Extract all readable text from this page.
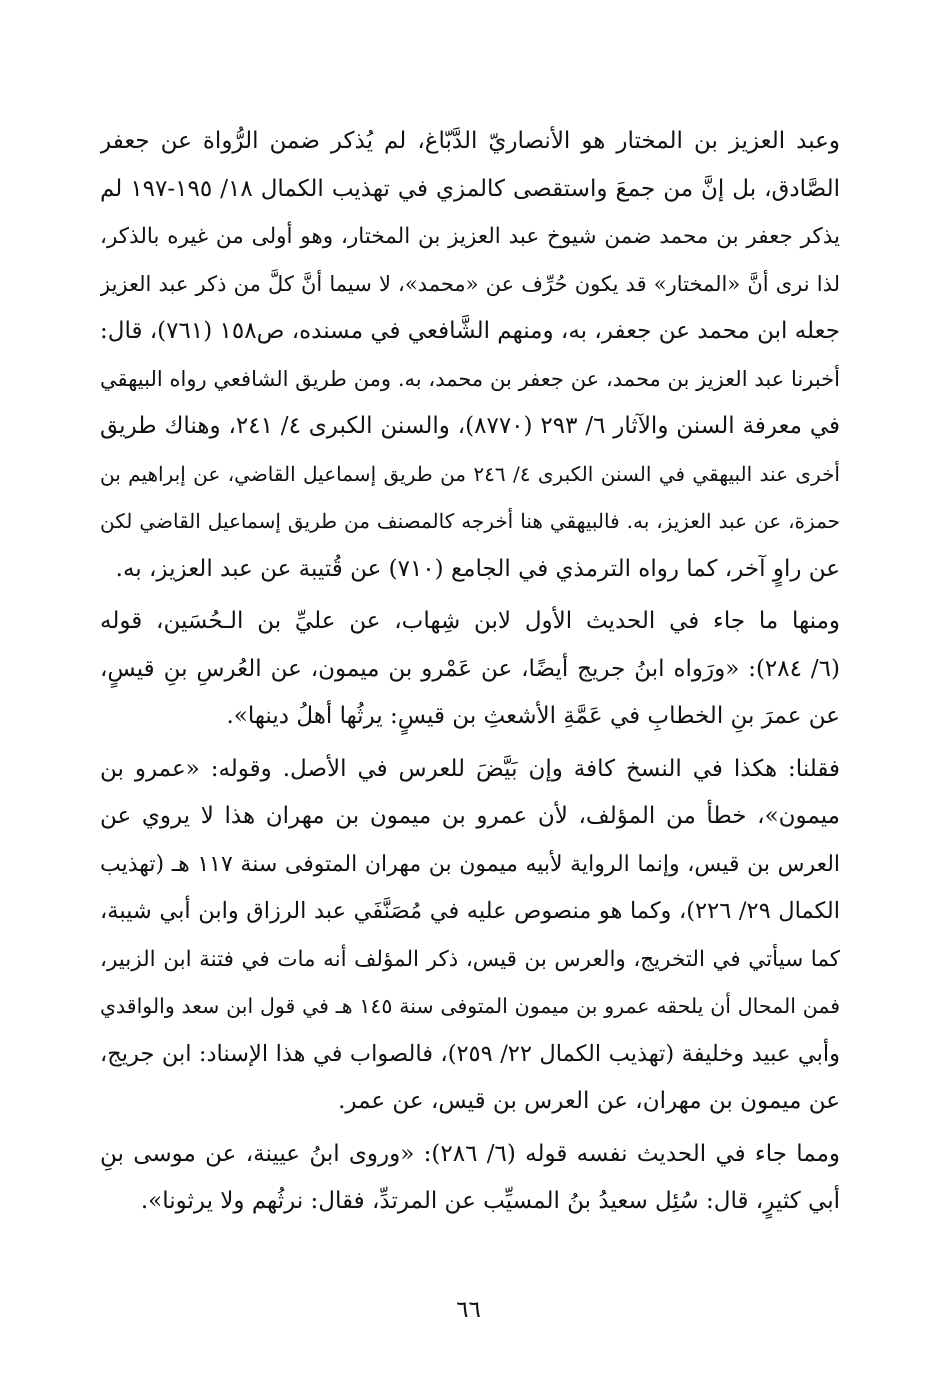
وعبد العزيز بن المختار هو الأنصاريّ الدَّبّاغ، لم يُذكر ضمن الرُّواة عن جعفر
الصَّادق، بل إنَّ من جمعَ واستقصى كالمزي في تهذيب الكمال ١٨/ ١٩٥-١٩٧ لم
يذكر جعفر بن محمد ضمن شيوخ عبد العزيز بن المختار، وهو أولى من غيره بالذكر،
لذا نرى أنَّ «المختار» قد يكون حُرِّف عن «محمد»، لا سيما أنَّ كلَّ من ذكر عبد العزيز
جعله ابن محمد عن جعفر، به، ومنهم الشَّافعي في مسنده، ص١٥٨ (٧٦١)، قال:
أخبرنا عبد العزيز بن محمد، عن جعفر بن محمد، به. ومن طريق الشافعي رواه البيهقي
في معرفة السنن والآثار ٦/ ٢٩٣ (٨٧٧٠)، والسنن الكبرى ٤/ ٢٤١، وهناك طريق
أخرى عند البيهقي في السنن الكبرى ٤/ ٢٤٦ من طريق إسماعيل القاضي، عن إبراهيم بن
حمزة، عن عبد العزيز، به. فالبيهقي هنا أخرجه كالمصنف من طريق إسماعيل القاضي لكن
عن راوٍ آخر، كما رواه الترمذي في الجامع (٧١٠) عن قُتيبة عن عبد العزيز، به.
ومنها ما جاء في الحديث الأول لابن شِهاب، عن عليِّ بن الـحُسَين، قوله
(٦/ ٢٨٤): «ورَواه ابنُ جريج أيضًا، عن عَمْرو بن ميمون، عن العُرسِ بنِ قيسٍ،
عن عمرَ بنِ الخطابِ في عَمَّةِ الأشعثِ بن قيسٍ: يرثُها أهلُ دينها».
فقلنا: هكذا في النسخ كافة وإن بَيَّضَ للعرس في الأصل. وقوله: «عمرو بن
ميمون»، خطأ من المؤلف، لأن عمرو بن ميمون بن مهران هذا لا يروي عن
العرس بن قيس، وإنما الرواية لأبيه ميمون بن مهران المتوفى سنة ١١٧ هـ (تهذيب
الكمال ٢٩/ ٢٢٦)، وكما هو منصوص عليه في مُصَنَّفَي عبد الرزاق وابن أبي شيبة،
كما سيأتي في التخريج، والعرس بن قيس، ذكر المؤلف أنه مات في فتنة ابن الزبير،
فمن المحال أن يلحقه عمرو بن ميمون المتوفى سنة ١٤٥ هـ في قول ابن سعد والواقدي
وأبي عبيد وخليفة (تهذيب الكمال ٢٢/ ٢٥٩)، فالصواب في هذا الإسناد: ابن جريج،
عن ميمون بن مهران، عن العرس بن قيس، عن عمر.
ومما جاء في الحديث نفسه قوله (٦/ ٢٨٦): «وروى ابنُ عيينة، عن موسى بنِ
أبي كثيرٍ، قال: سُئِل سعيدُ بنُ المسيِّب عن المرتدِّ، فقال: نرثُهم ولا يرثونا».
٦٦
